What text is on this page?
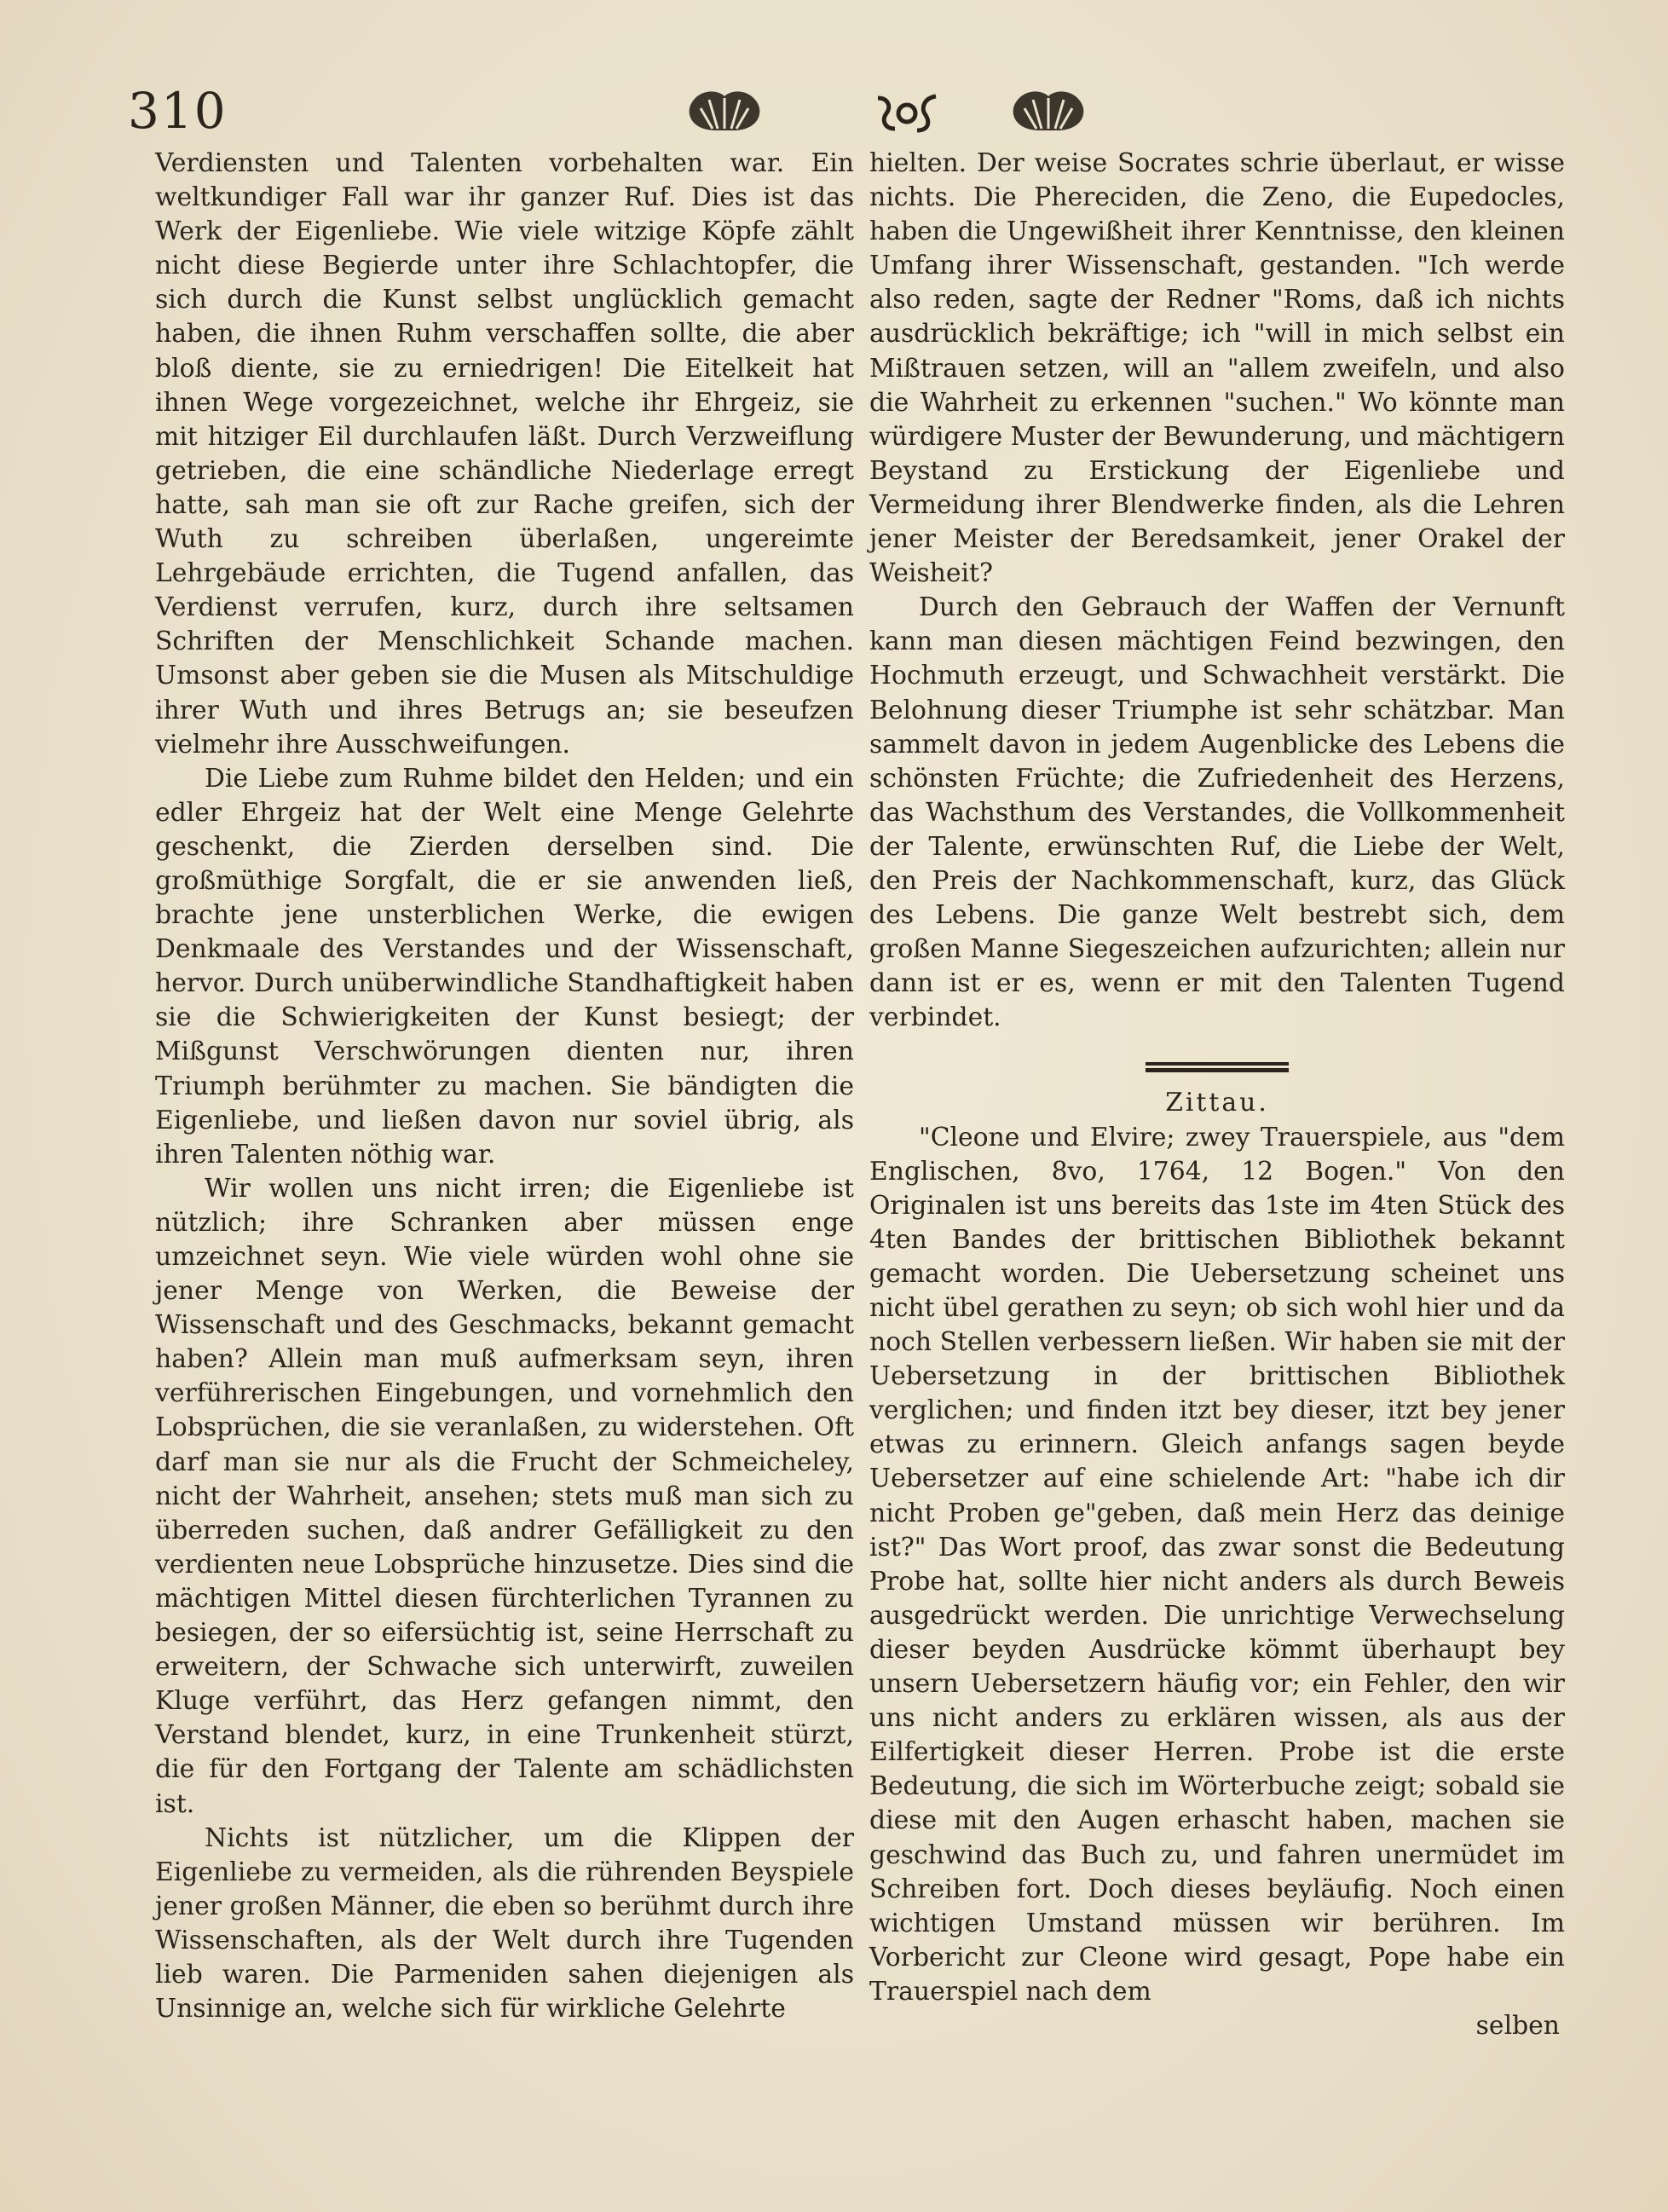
310

Verdiensten und Talenten vorbehalten war. Ein weltkundiger Fall war ihr ganzer Ruf. Dies ist das Werk der Eigenliebe. Wie viele witzige Köpfe zählt nicht diese Begierde unter ihre Schlachtopfer, die sich durch die Kunst selbst unglücklich gemacht haben, die ihnen Ruhm verschaffen sollte, die aber bloß diente, sie zu erniedrigen! Die Eitelkeit hat ihnen Wege vorgezeichnet, welche ihr Ehrgeiz, sie mit hitziger Eil durchlaufen läßt. Durch Verzweiflung getrieben, die eine schändliche Niederlage erregt hatte, sah man sie oft zur Rache greifen, sich der Wuth zu schreiben überlaßen, ungereimte Lehrgebäude errichten, die Tugend anfallen, das Verdienst verrufen, kurz, durch ihre seltsamen Schriften der Menschlichkeit Schande machen. Umsonst aber geben sie die Musen als Mitschuldige ihrer Wuth und ihres Betrugs an; sie beseufzen vielmehr ihre Ausschweifungen.

Die Liebe zum Ruhme bildet den Helden; und ein edler Ehrgeiz hat der Welt eine Menge Gelehrte geschenkt, die Zierden derselben sind. Die großmüthige Sorgfalt, die er sie anwenden ließ, brachte jene unsterblichen Werke, die ewigen Denkmaale des Verstandes und der Wissenschaft, hervor. Durch unüberwindliche Standhaftigkeit haben sie die Schwierigkeiten der Kunst besiegt; der Mißgunst Verschwörungen dienten nur, ihren Triumph berühmter zu machen. Sie bändigten die Eigenliebe, und ließen davon nur soviel übrig, als ihren Talenten nöthig war.

Wir wollen uns nicht irren; die Eigenliebe ist nützlich; ihre Schranken aber müssen enge umzeichnet seyn. Wie viele würden wohl ohne sie jener Menge von Werken, die Beweise der Wissenschaft und des Geschmacks, bekannt gemacht haben? Allein man muß aufmerksam seyn, ihren verführerischen Eingebungen, und vornehmlich den Lobsprüchen, die sie veranlaßen, zu widerstehen. Oft darf man sie nur als die Frucht der Schmeicheley, nicht der Wahrheit, ansehen; stets muß man sich zu überreden suchen, daß andrer Gefälligkeit zu den verdienten neue Lobsprüche hinzusetze. Dies sind die mächtigen Mittel diesen fürchterlichen Tyrannen zu besiegen, der so eifersüchtig ist, seine Herrschaft zu erweitern, der Schwache sich unterwirft, zuweilen Kluge verführt, das Herz gefangen nimmt, den Verstand blendet, kurz, in eine Trunkenheit stürzt, die für den Fortgang der Talente am schädlichsten ist.

Nichts ist nützlicher, um die Klippen der Eigenliebe zu vermeiden, als die rührenden Beyspiele jener großen Männer, die eben so berühmt durch ihre Wissenschaften, als der Welt durch ihre Tugenden lieb waren. Die Parmeniden sahen diejenigen als Unsinnige an, welche sich für wirkliche Gelehrte

hielten. Der weise Socrates schrie überlaut, er wisse nichts. Die Phereciden, die Zeno, die Eupedocles, haben die Ungewißheit ihrer Kenntnisse, den kleinen Umfang ihrer Wissenschaft, gestanden. "Ich werde also reden, sagte der Redner "Roms, daß ich nichts ausdrücklich bekräftige; ich "will in mich selbst ein Mißtrauen setzen, will an "allem zweifeln, und also die Wahrheit zu erkennen "suchen." Wo könnte man würdigere Muster der Bewunderung, und mächtigern Beystand zu Erstickung der Eigenliebe und Vermeidung ihrer Blendwerke finden, als die Lehren jener Meister der Beredsamkeit, jener Orakel der Weisheit?

Durch den Gebrauch der Waffen der Vernunft kann man diesen mächtigen Feind bezwingen, den Hochmuth erzeugt, und Schwachheit verstärkt. Die Belohnung dieser Triumphe ist sehr schätzbar. Man sammelt davon in jedem Augenblicke des Lebens die schönsten Früchte; die Zufriedenheit des Herzens, das Wachsthum des Verstandes, die Vollkommenheit der Talente, erwünschten Ruf, die Liebe der Welt, den Preis der Nachkommenschaft, kurz, das Glück des Lebens. Die ganze Welt bestrebt sich, dem großen Manne Siegeszeichen aufzurichten; allein nur dann ist er es, wenn er mit den Talenten Tugend verbindet.

Zittau.

"Cleone und Elvire; zwey Trauerspiele, aus "dem Englischen, 8vo, 1764, 12 Bogen." Von den Originalen ist uns bereits das 1ste im 4ten Stück des 4ten Bandes der brittischen Bibliothek bekannt gemacht worden. Die Uebersetzung scheinet uns nicht übel gerathen zu seyn; ob sich wohl hier und da noch Stellen verbessern ließen. Wir haben sie mit der Uebersetzung in der brittischen Bibliothek verglichen; und finden itzt bey dieser, itzt bey jener etwas zu erinnern. Gleich anfangs sagen beyde Uebersetzer auf eine schielende Art: "habe ich dir nicht Proben ge"geben, daß mein Herz das deinige ist?" Das Wort proof, das zwar sonst die Bedeutung Probe hat, sollte hier nicht anders als durch Beweis ausgedrückt werden. Die unrichtige Verwechselung dieser beyden Ausdrücke kömmt überhaupt bey unsern Uebersetzern häufig vor; ein Fehler, den wir uns nicht anders zu erklären wissen, als aus der Eilfertigkeit dieser Herren. Probe ist die erste Bedeutung, die sich im Wörterbuche zeigt; sobald sie diese mit den Augen erhascht haben, machen sie geschwind das Buch zu, und fahren unermüdet im Schreiben fort. Doch dieses beyläufig. Noch einen wichtigen Umstand müssen wir berühren. Im Vorbericht zur Cleone wird gesagt, Pope habe ein Trauerspiel nach dem

selben
